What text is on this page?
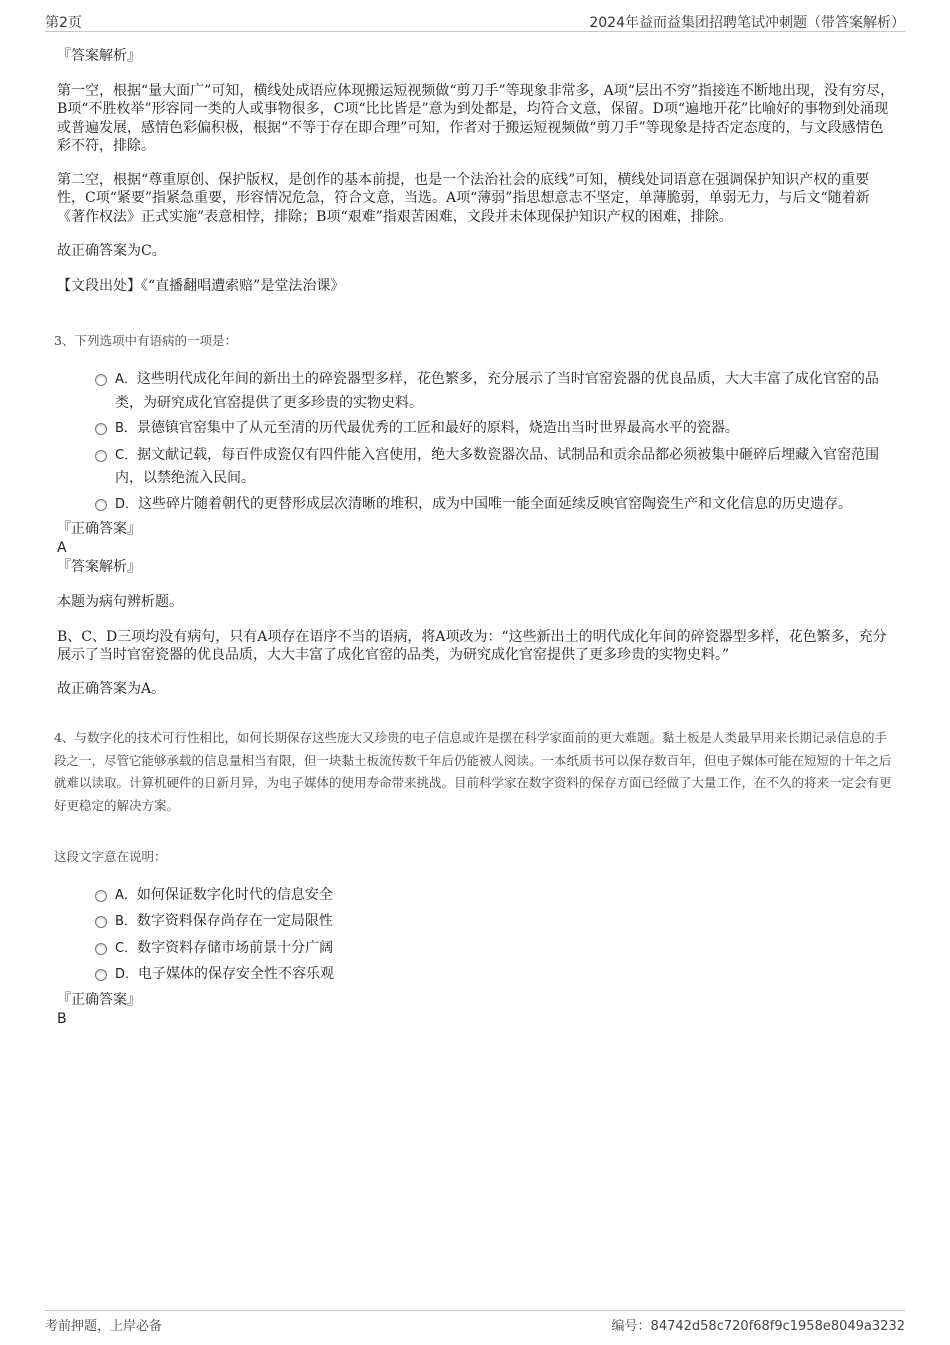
第2页	2024年益而益集团招聘笔试冲刺题（带答案解析）
『答案解析』

第一空，根据“量大面广”可知，横线处成语应体现搬运短视频做“剪刀手”等现象非常多，A项“层出不穷”指接连不断地出现，没有穷尽，B项“不胜枚举”形容同一类的人或事物很多，C项“比比皆是”意为到处都是，均符合文意，保留。D项“遍地开花”比喻好的事物到处涌现或普遍发展，感情色彩偏积极，根据“不等于存在即合理”可知，作者对于搬运短视频做“剪刀手”等现象是持否定态度的，与文段感情色彩不符，排除。

第二空，根据“尊重原创、保护版权，是创作的基本前提，也是一个法治社会的底线”可知，横线处词语意在强调保护知识产权的重要性，C项“紧要”指紧急重要，形容情况危急，符合文意，当选。A项“薄弱”指思想意志不坚定，单薄脆弱，单弱无力，与后文“随着新《著作权法》正式实施”表意相悖，排除；B项“艰难”指艰苦困难，文段并未体现保护知识产权的困难，排除。

故正确答案为C。

【文段出处】《“直播翻唱遭索赔”是堂法治课》
3、下列选项中有语病的一项是：
A．这些明代成化年间的新出土的碎瓷器型多样，花色繁多，充分展示了当时官窑瓷器的优良品质，大大丰富了成化官窑的品类，为研究成化官窑提供了更多珍贵的实物史料。
B．景德镇官窑集中了从元至清的历代最优秀的工匠和最好的原料，烧造出当时世界最高水平的瓷器。
C．据文献记载，每百件成瓷仅有四件能入宫使用，绝大多数瓷器次品、试制品和贡余品都必须被集中砸碎后埋藏入官窑范围内，以禁绝流入民间。
D．这些碎片随着朝代的更替形成层次清晰的堆积，成为中国唯一能全面延续反映官窑陶瓷生产和文化信息的历史遗存。
『正确答案』
A
『答案解析』

本题为病句辨析题。

B、C、D三项均没有病句，只有A项存在语序不当的语病，将A项改为：“这些新出土的明代成化年间的碎瓷器型多样，花色繁多，充分展示了当时官窑瓷器的优良品质，大大丰富了成化官窑的品类，为研究成化官窑提供了更多珍贵的实物史料。”

故正确答案为A。

4、与数字化的技术可行性相比，如何长期保存这些庞大又珍贵的电子信息或许是摆在科学家面前的更大难题。黏土板是人类最早用来长期记录信息的手段之一，尽管它能够承载的信息量相当有限，但一块黏土板流传数千年后仍能被人阅读。一本纸质书可以保存数百年，但电子媒体可能在短短的十年之后就难以读取。计算机硬件的日新月异，为电子媒体的使用寿命带来挑战。目前科学家在数字资料的保存方面已经做了大量工作，在不久的将来一定会有更好更稳定的解决方案。

这段文字意在说明：
A．如何保证数字化时代的信息安全
B．数字资料保存尚存在一定局限性
C．数字资料存储市场前景十分广阔
D．电子媒体的保存安全性不容乐观
『正确答案』
B
考前押题，上岸必备	编号：84742d58c720f68f9c1958e8049a3232
